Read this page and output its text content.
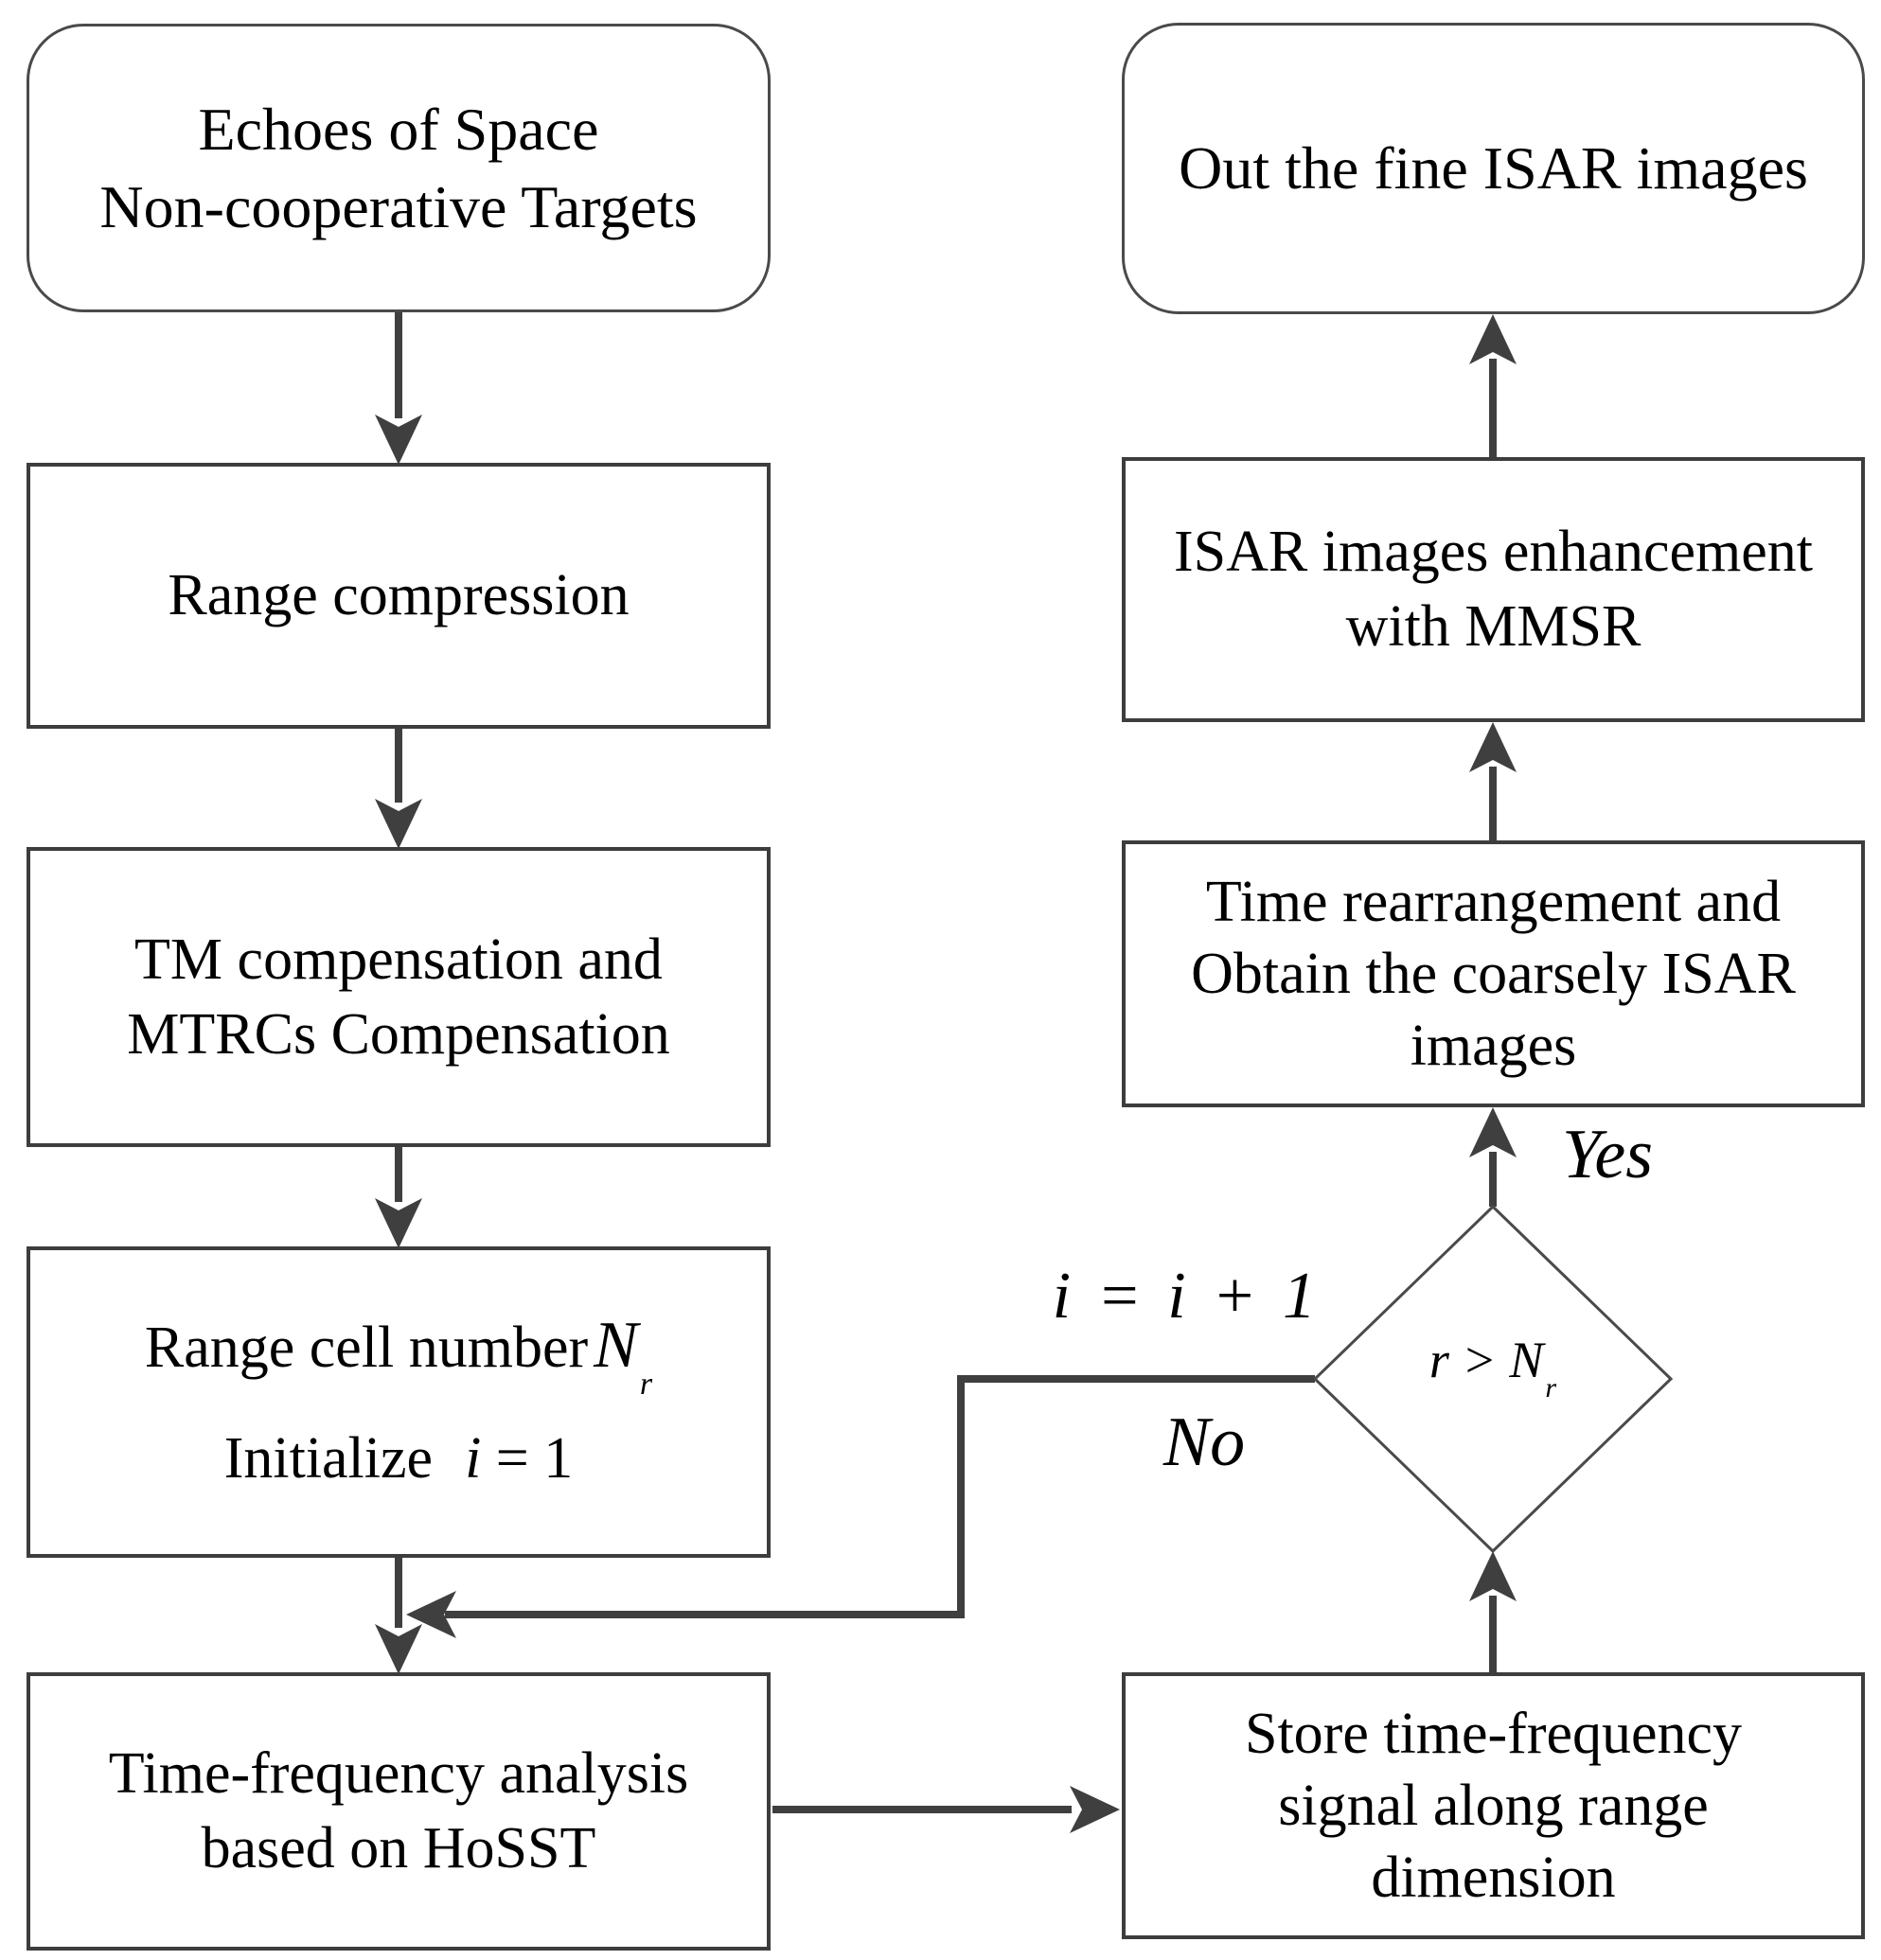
Echoes of Space
Non-cooperative Targets
Range compression
TM compensation and
MTRCs Compensation
Range cell numberN$_r$
Initialize i = 1
Time-frequency analysis
based on HoSST
Store time-frequency
signal along range
dimension
Time rearrangement and
Obtain the coarsely ISAR
images
ISAR images enhancement
with MMSR
Out the fine ISAR images
$r > N_r$
i = i + 1
No
Yes
